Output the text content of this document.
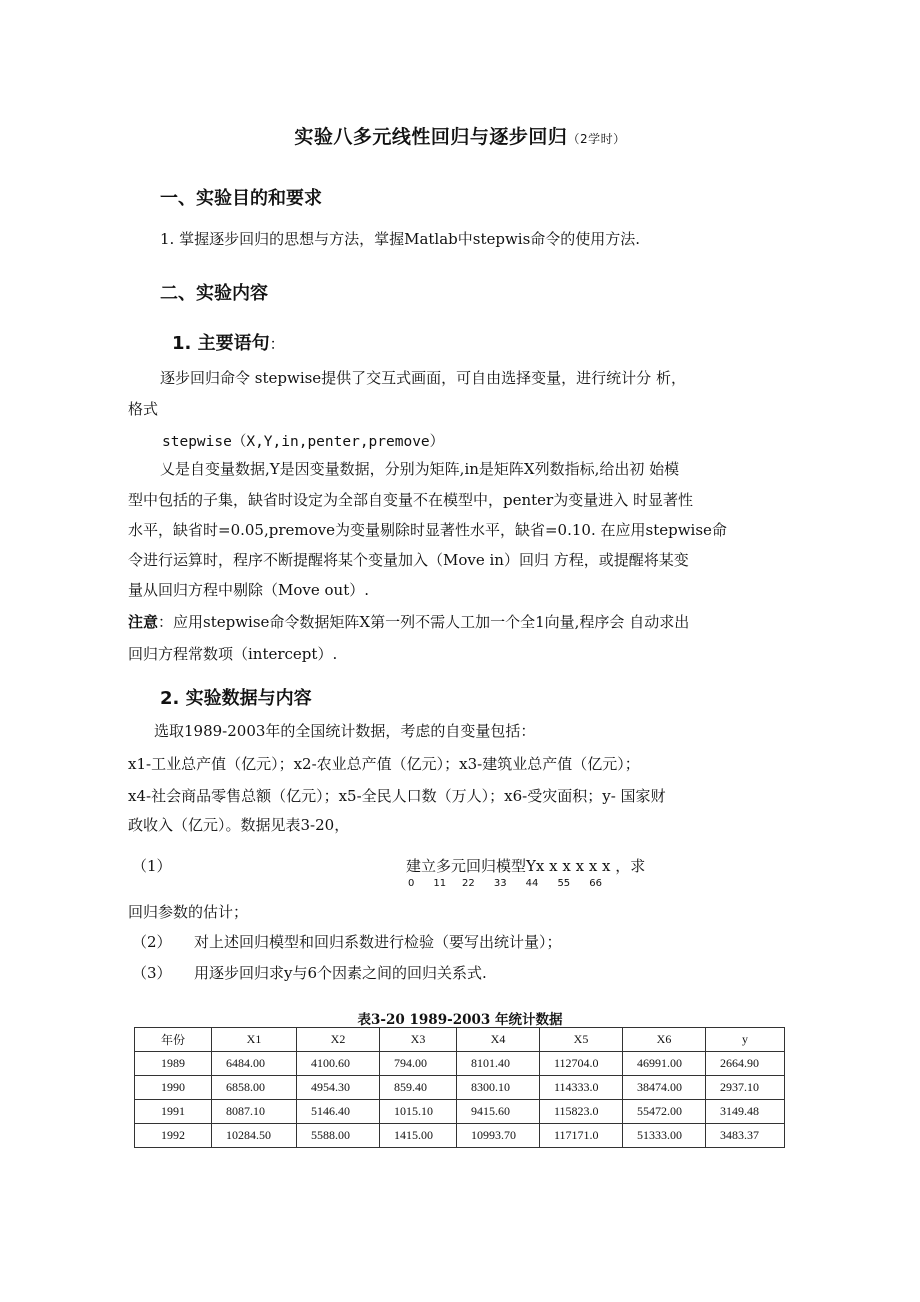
实验八多元线性回归与逐步回归（2学时）
一、实验目的和要求
1. 掌握逐步回归的思想与方法，掌握Matlab中stepwis命令的使用方法.
二、实验内容
1. 主要语句：
逐步回归命令 stepwise提供了交互式画面，可自由选择变量，进行统计分 析，
格式
stepwise（X,Y,in,penter,premove）
乂是自变量数据,Y是因变量数据，分别为矩阵,in是矩阵X列数指标,给出初 始模
型中包括的子集，缺省时设定为全部自变量不在模型中，penter为变量进入 时显著性
水平，缺省时=0.05,premove为变量剔除时显著性水平，缺省=0.10. 在应用stepwise命
令进行运算时，程序不断提醒将某个变量加入（Move in）回归 方程，或提醒将某变
量从回归方程中剔除（Move out）.
注意：应用stepwise命令数据矩阵X第一列不需人工加一个全1向量,程序会 自动求出
回归方程常数项（intercept）.
2. 实验数据与内容
选取1989-2003年的全国统计数据，考虑的自变量包括：
x1-工业总产值（亿元）；x2-农业总产值（亿元）；x3-建筑业总产值（亿元）；
x4-社会商品零售总额（亿元）；x5-全民人口数（万人）；x6-受灾面积；y- 国家财
政收入（亿元）。数据见表3-20，
（1）	建立多元回归模型Yx x x x x x ，求
0      11     22      33      44      55      66
回归参数的估计；
（2） 对上述回归模型和回归系数进行检验（要写出统计量）；
（3） 用逐步回归求y与6个因素之间的回归关系式.
表3-20 1989-2003 年统计数据
年份	X1	X2	X3	X4	X5	X6	y
1989	6484.00	4100.60	794.00	8101.40	112704.0	46991.00	2664.90
1990	6858.00	4954.30	859.40	8300.10	114333.0	38474.00	2937.10
1991	8087.10	5146.40	1015.10	9415.60	115823.0	55472.00	3149.48
1992	10284.50	5588.00	1415.00	10993.70	117171.0	51333.00	3483.37
